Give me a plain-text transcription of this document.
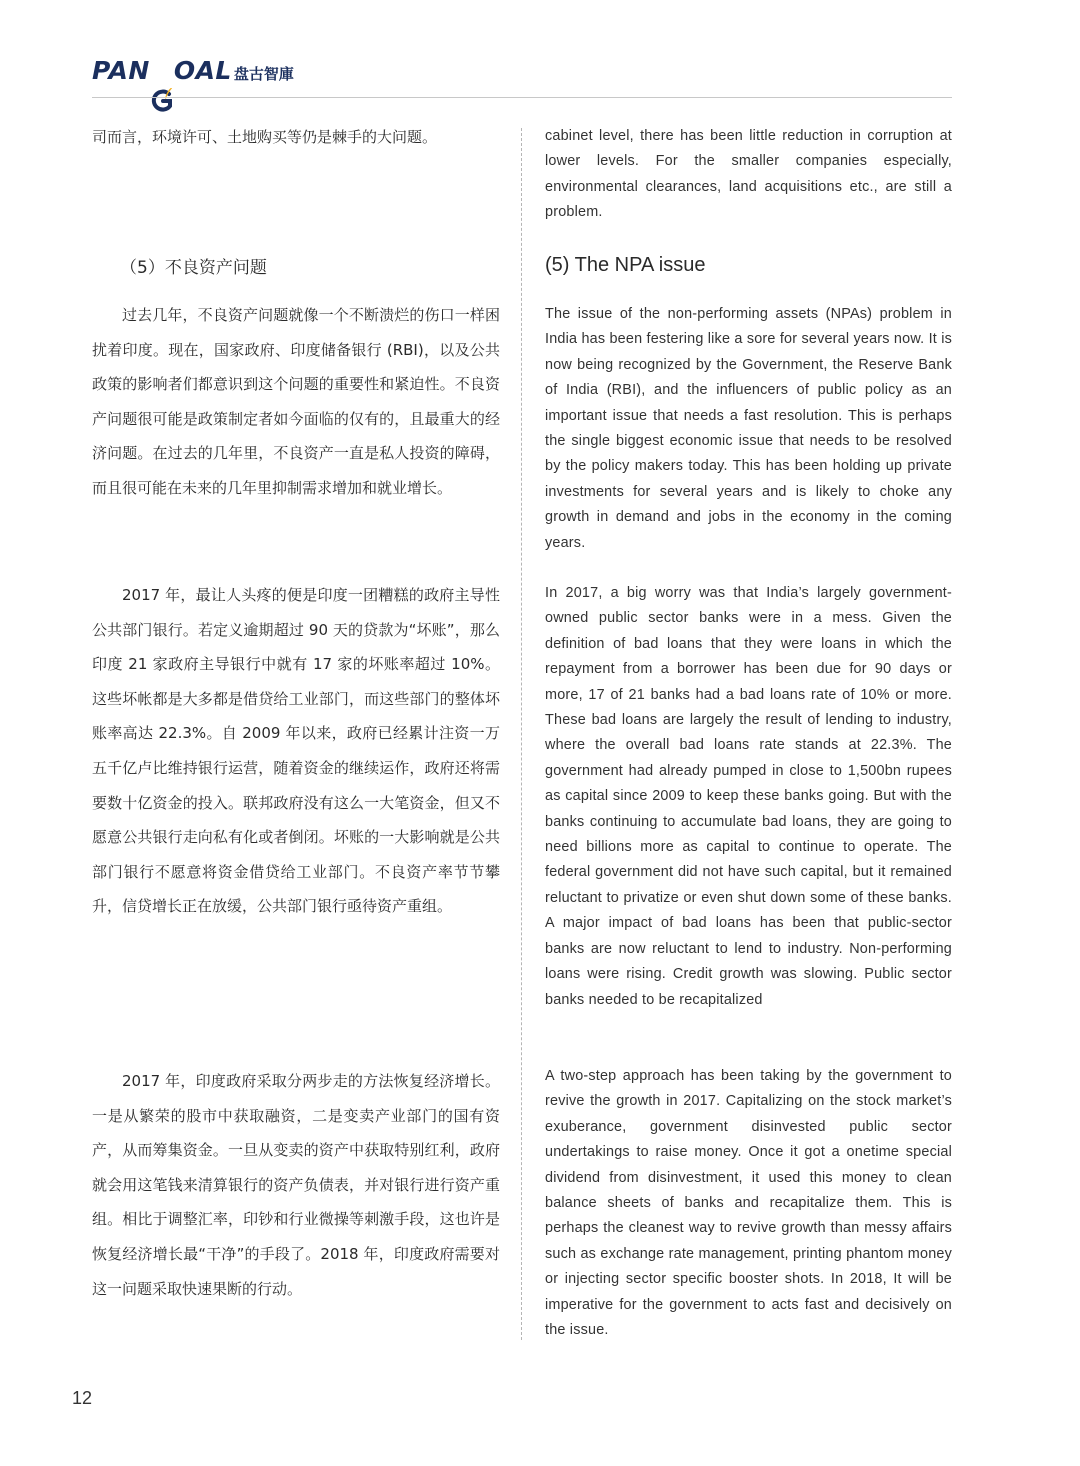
PAN OAL 盘古智庫

司而言，环境许可、土地购买等仍是棘手的大问题。

（5）不良资产问题

过去几年，不良资产问题就像一个不断溃烂的伤口一样困扰着印度。现在，国家政府、印度储备银行 (RBI)，以及公共政策的影响者们都意识到这个问题的重要性和紧迫性。不良资产问题很可能是政策制定者如今面临的仅有的，且最重大的经济问题。在过去的几年里，不良资产一直是私人投资的障碍，而且很可能在未来的几年里抑制需求增加和就业增长。

2017 年，最让人头疼的便是印度一团糟糕的政府主导性公共部门银行。若定义逾期超过 90 天的贷款为“坏账”，那么印度 21 家政府主导银行中就有 17 家的坏账率超过 10%。这些坏帐都是大多都是借贷给工业部门，而这些部门的整体坏账率高达 22.3%。自 2009 年以来，政府已经累计注资一万五千亿卢比维持银行运营，随着资金的继续运作，政府还将需要数十亿资金的投入。联邦政府没有这么一大笔资金，但又不愿意公共银行走向私有化或者倒闭。坏账的一大影响就是公共部门银行不愿意将资金借贷给工业部门。不良资产率节节攀升，信贷增长正在放缓，公共部门银行亟待资产重组。

2017 年，印度政府采取分两步走的方法恢复经济增长。一是从繁荣的股市中获取融资，二是变卖产业部门的国有资产，从而筹集资金。一旦从变卖的资产中获取特别红利，政府就会用这笔钱来清算银行的资产负债表，并对银行进行资产重组。相比于调整汇率，印钞和行业微操等刺激手段，这也许是恢复经济增长最“干净”的手段了。2018 年，印度政府需要对这一问题采取快速果断的行动。

cabinet level, there has been little reduction in corruption at lower levels. For the smaller companies especially, environmental clearances, land acquisitions etc., are still a problem.

(5) The NPA issue

The issue of the non-performing assets (NPAs) problem in India has been festering like a sore for several years now. It is now being recognized by the Government, the Reserve Bank of India (RBI), and the influencers of public policy as an important issue that needs a fast resolution. This is perhaps the single biggest economic issue that needs to be resolved by the policy makers today. This has been holding up private investments for several years and is likely to choke any growth in demand and jobs in the economy in the coming years.

In 2017, a big worry was that India’s largely government-owned public sector banks were in a mess. Given the definition of bad loans that they were loans in which the repayment from a borrower has been due for 90 days or more, 17 of 21 banks had a bad loans rate of 10% or more. These bad loans are largely the result of lending to industry, where the overall bad loans rate stands at 22.3%. The government had already pumped in close to 1,500bn rupees as capital since 2009 to keep these banks going. But with the banks continuing to accumulate bad loans, they are going to need billions more as capital to continue to operate. The federal government did not have such capital, but it remained reluctant to privatize or even shut down some of these banks. A major impact of bad loans has been that public-sector banks are now reluctant to lend to industry. Non-performing loans were rising. Credit growth was slowing. Public sector banks needed to be recapitalized

A two-step approach has been taking by the government to revive the growth in 2017. Capitalizing on the stock market’s exuberance, government disinvested public sector undertakings to raise money. Once it got a onetime special dividend from disinvestment, it used this money to clean balance sheets of banks and recapitalize them. This is perhaps the cleanest way to revive growth than messy affairs such as exchange rate management, printing phantom money or injecting sector specific booster shots. In 2018, It will be imperative for the government to acts fast and decisively on the issue.

12
